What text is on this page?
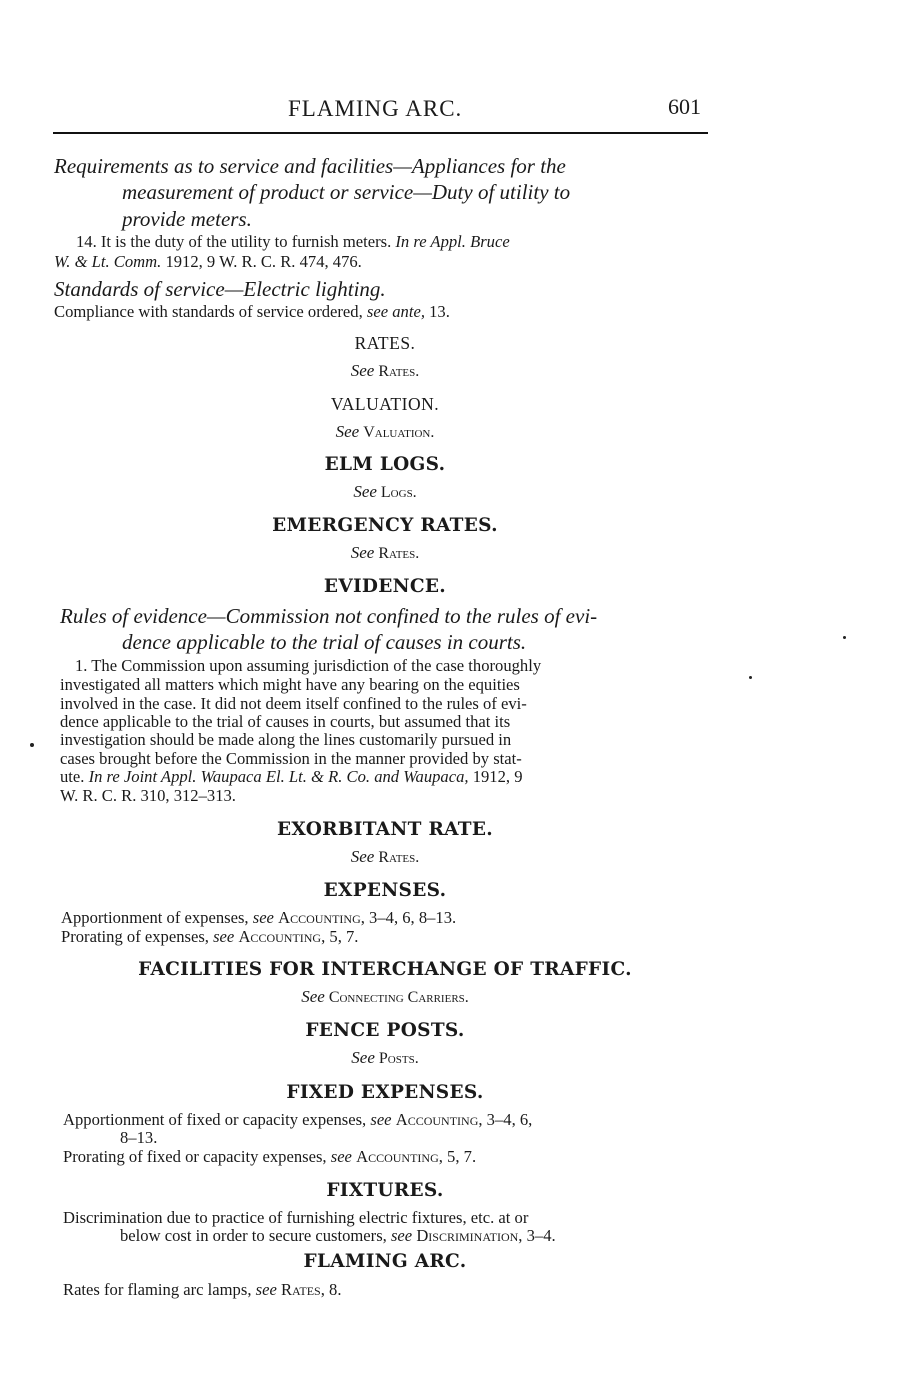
FLAMING ARC.	601
Requirements as to service and facilities—Appliances for the
measurement of product or service—Duty of utility to
provide meters.
14. It is the duty of the utility to furnish meters. In re Appl. Bruce
W. & Lt. Comm. 1912, 9 W. R. C. R. 474, 476.
Standards of service—Electric lighting.
Compliance with standards of service ordered, see ante, 13.
RATES.
See Rates.
VALUATION.
See Valuation.
ELM LOGS.
See Logs.
EMERGENCY RATES.
See Rates.
EVIDENCE.
Rules of evidence—Commission not confined to the rules of evi-
dence applicable to the trial of causes in courts.
1. The Commission upon assuming jurisdiction of the case thoroughly
investigated all matters which might have any bearing on the equities
involved in the case. It did not deem itself confined to the rules of evi-
dence applicable to the trial of causes in courts, but assumed that its
investigation should be made along the lines customarily pursued in
cases brought before the Commission in the manner provided by stat-
ute. In re Joint Appl. Waupaca El. Lt. & R. Co. and Waupaca, 1912, 9
W. R. C. R. 310, 312–313.
EXORBITANT RATE.
See Rates.
EXPENSES.
Apportionment of expenses, see Accounting, 3–4, 6, 8–13.
Prorating of expenses, see Accounting, 5, 7.
FACILITIES FOR INTERCHANGE OF TRAFFIC.
See Connecting Carriers.
FENCE POSTS.
See Posts.
FIXED EXPENSES.
Apportionment of fixed or capacity expenses, see Accounting, 3–4, 6,
8–13.
Prorating of fixed or capacity expenses, see Accounting, 5, 7.
FIXTURES.
Discrimination due to practice of furnishing electric fixtures, etc. at or
below cost in order to secure customers, see Discrimination, 3–4.
FLAMING ARC.
Rates for flaming arc lamps, see Rates, 8.
